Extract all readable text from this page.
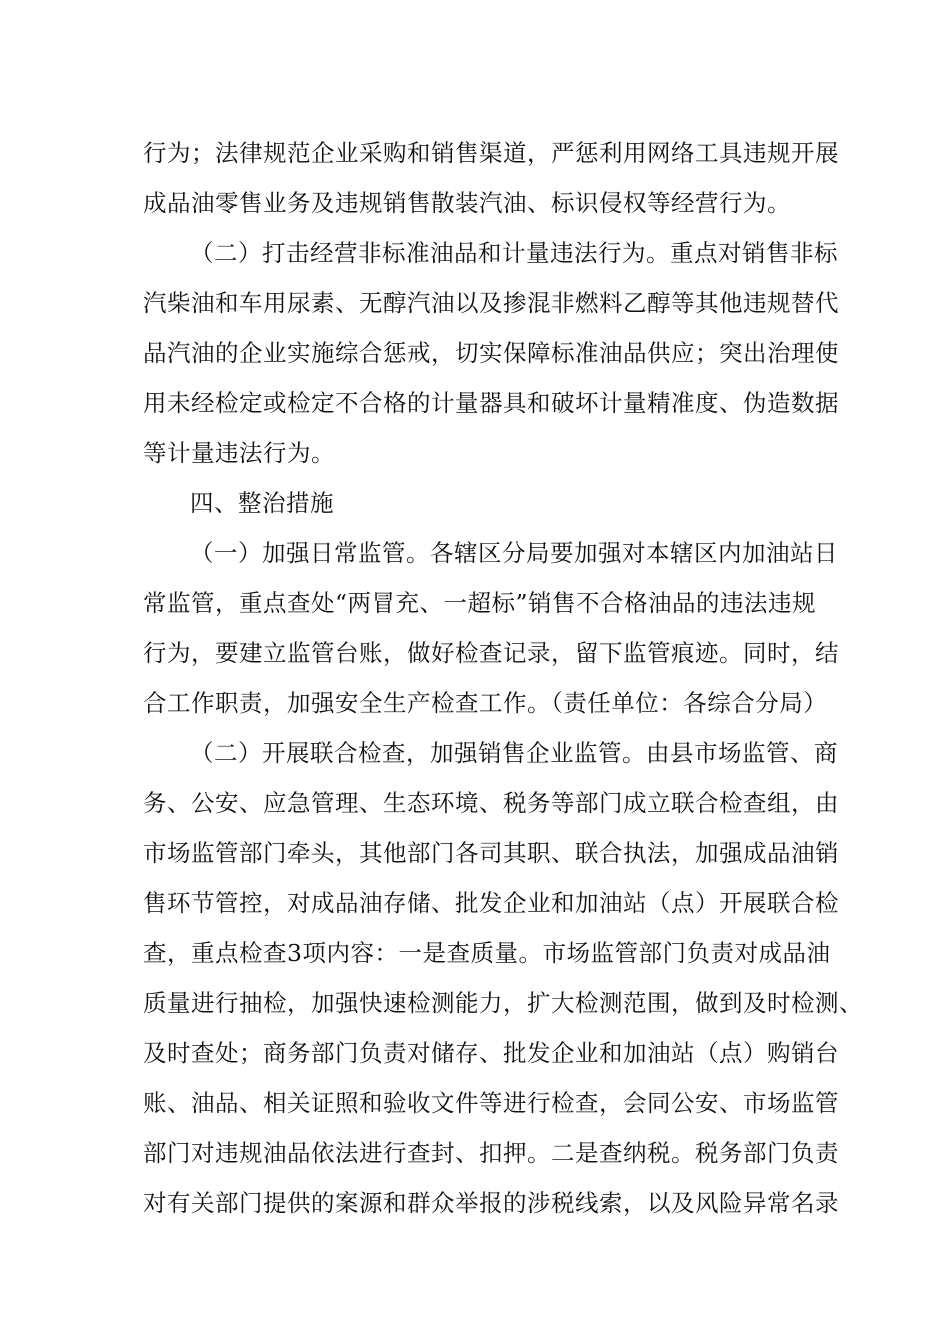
行为；法律规范企业采购和销售渠道，严惩利用网络工具违规开展
成品油零售业务及违规销售散装汽油、标识侵权等经营行为。
（二）打击经营非标准油品和计量违法行为。重点对销售非标
汽柴油和车用尿素、无醇汽油以及掺混非燃料乙醇等其他违规替代
品汽油的企业实施综合惩戒，切实保障标准油品供应；突出治理使
用未经检定或检定不合格的计量器具和破坏计量精准度、伪造数据
等计量违法行为。
四、整治措施
（一）加强日常监管。各辖区分局要加强对本辖区内加油站日
常监管，重点查处“两冒充、一超标”销售不合格油品的违法违规
行为，要建立监管台账，做好检查记录，留下监管痕迹。同时，结
合工作职责，加强安全生产检查工作。（责任单位：各综合分局）
（二）开展联合检查，加强销售企业监管。由县市场监管、商
务、公安、应急管理、生态环境、税务等部门成立联合检查组，由
市场监管部门牵头，其他部门各司其职、联合执法，加强成品油销
售环节管控，对成品油存储、批发企业和加油站（点）开展联合检
查，重点检查3项内容：一是查质量。市场监管部门负责对成品油
质量进行抽检，加强快速检测能力，扩大检测范围，做到及时检测、
及时查处；商务部门负责对储存、批发企业和加油站（点）购销台
账、油品、相关证照和验收文件等进行检查，会同公安、市场监管
部门对违规油品依法进行查封、扣押。二是查纳税。税务部门负责
对有关部门提供的案源和群众举报的涉税线索，以及风险异常名录
